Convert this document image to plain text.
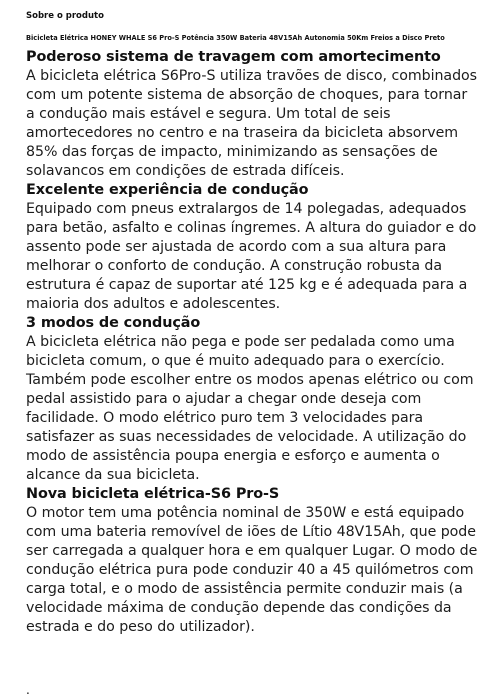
Sobre o produto
Bicicleta Elétrica HONEY WHALE S6 Pro-S Potência 350W Bateria 48V15Ah Autonomia 50Km Freios a Disco Preto
Poderoso sistema de travagem com amortecimento

A bicicleta elétrica S6Pro-S utiliza travões de disco, combinados com um potente sistema de absorção de choques, para tornar a condução mais estável e segura. Um total de seis amortecedores no centro e na traseira da bicicleta absorvem 85% das forças de impacto, minimizando as sensações de solavancos em condições de estrada difíceis.

Excelente experiência de condução

Equipado com pneus extralargos de 14 polegadas, adequados para betão, asfalto e colinas íngremes. A altura do guiador e do assento pode ser ajustada de acordo com a sua altura para melhorar o conforto de condução. A construção robusta da estrutura é capaz de suportar até 125 kg e é adequada para a maioria dos adultos e adolescentes.

3 modos de condução

A bicicleta elétrica não pega e pode ser pedalada como uma bicicleta comum, o que é muito adequado para o exercício. Também pode escolher entre os modos apenas elétrico ou com pedal assistido para o ajudar a chegar onde deseja com facilidade. O modo elétrico puro tem 3 velocidades para satisfazer as suas necessidades de velocidade. A utilização do modo de assistência poupa energia e esforço e aumenta o alcance da sua bicicleta.

Nova bicicleta elétrica-S6 Pro-S

O motor tem uma potência nominal de 350W e está equipado com uma bateria removível de iões de Lítio 48V15Ah, que pode ser carregada a qualquer hora e em qualquer Lugar. O modo de condução elétrica pura pode conduzir 40 a 45 quilómetros com carga total, e o modo de assistência permite conduzir mais (a velocidade máxima de condução depende das condições da estrada e do peso do utilizador).

.
